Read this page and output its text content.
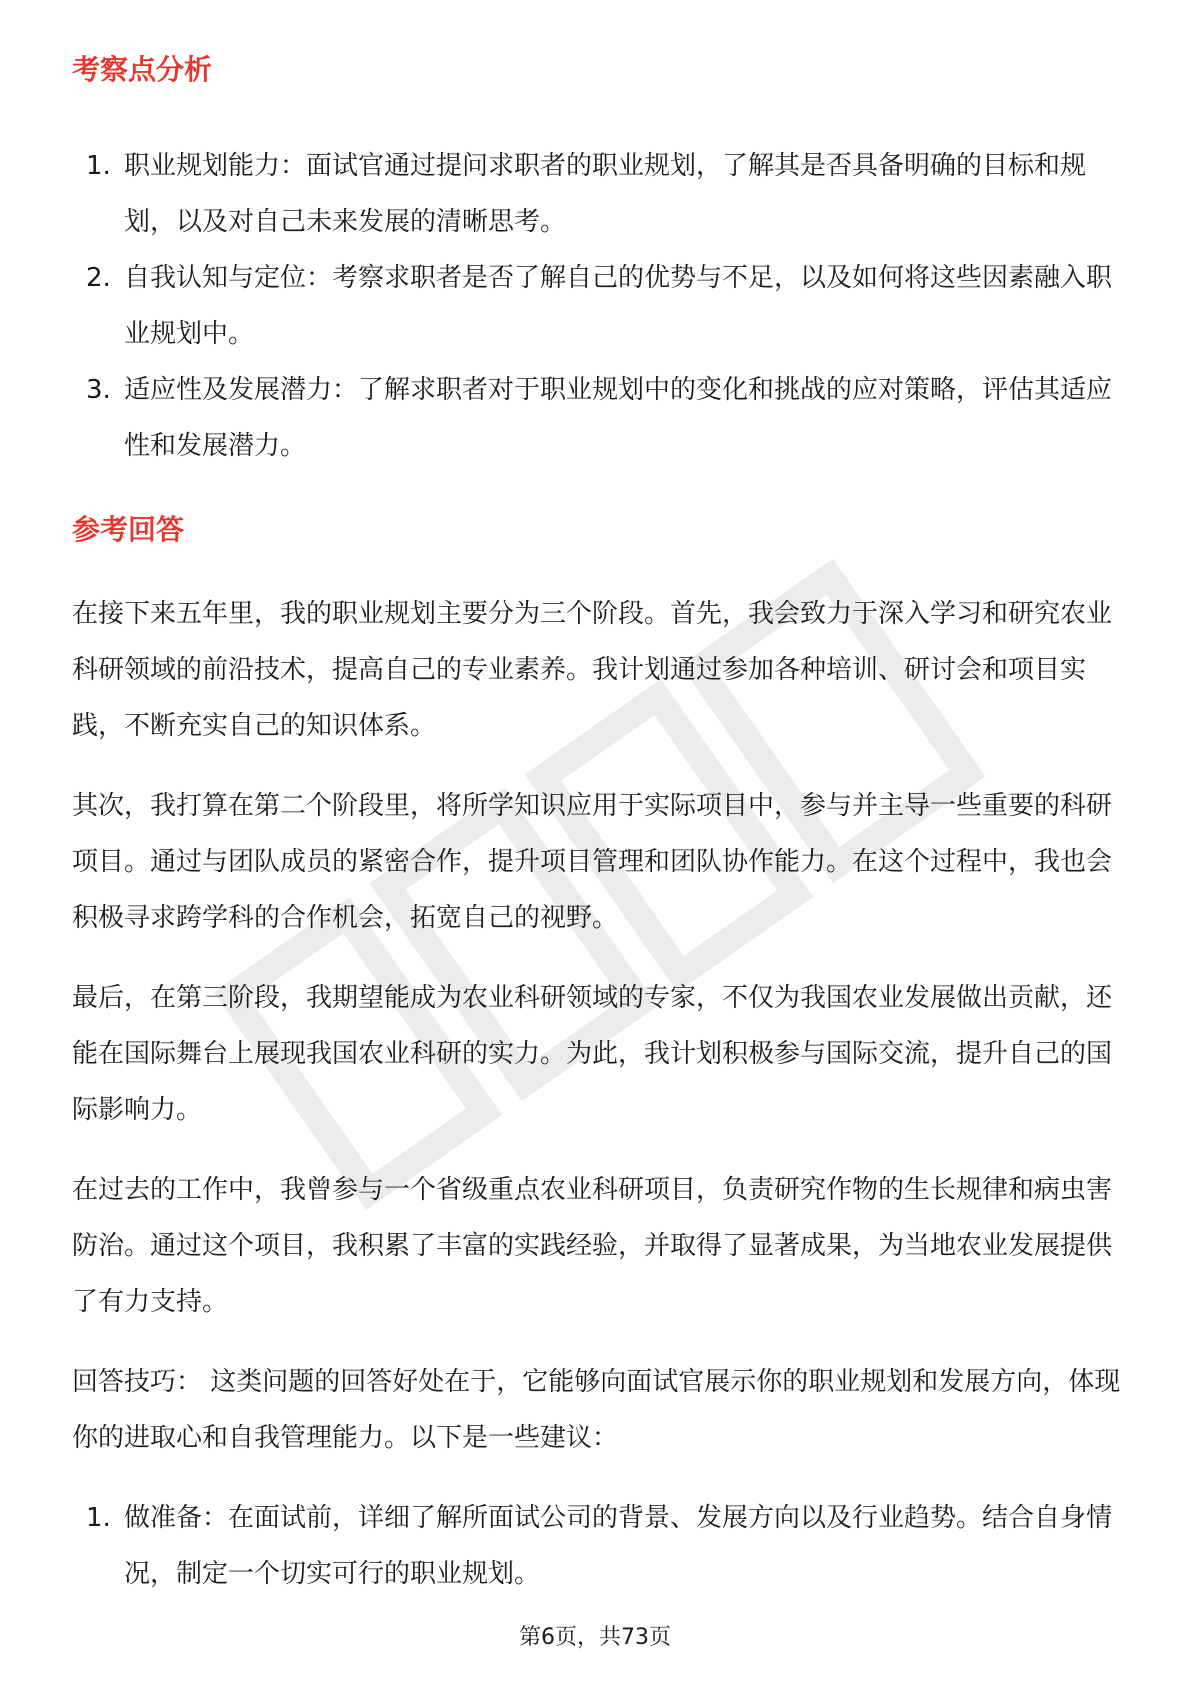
考察点分析
1. 职业规划能力：面试官通过提问求职者的职业规划，了解其是否具备明确的目标和规划，以及对自己未来发展的清晰思考。
2. 自我认知与定位：考察求职者是否了解自己的优势与不足，以及如何将这些因素融入职业规划中。
3. 适应性及发展潜力：了解求职者对于职业规划中的变化和挑战的应对策略，评估其适应性和发展潜力。
参考回答

在接下来五年里，我的职业规划主要分为三个阶段。首先，我会致力于深入学习和研究农业科研领域的前沿技术，提高自己的专业素养。我计划通过参加各种培训、研讨会和项目实践，不断充实自己的知识体系。

其次，我打算在第二个阶段里，将所学知识应用于实际项目中，参与并主导一些重要的科研项目。通过与团队成员的紧密合作，提升项目管理和团队协作能力。在这个过程中，我也会积极寻求跨学科的合作机会，拓宽自己的视野。

最后，在第三阶段，我期望能成为农业科研领域的专家，不仅为我国农业发展做出贡献，还能在国际舞台上展现我国农业科研的实力。为此，我计划积极参与国际交流，提升自己的国际影响力。

在过去的工作中，我曾参与一个省级重点农业科研项目，负责研究作物的生长规律和病虫害防治。通过这个项目，我积累了丰富的实践经验，并取得了显著成果，为当地农业发展提供了有力支持。

回答技巧： 这类问题的回答好处在于，它能够向面试官展示你的职业规划和发展方向，体现你的进取心和自我管理能力。以下是一些建议：

1. 做准备：在面试前，详细了解所面试公司的背景、发展方向以及行业趋势。结合自身情况，制定一个切实可行的职业规划。
第6页，共73页
